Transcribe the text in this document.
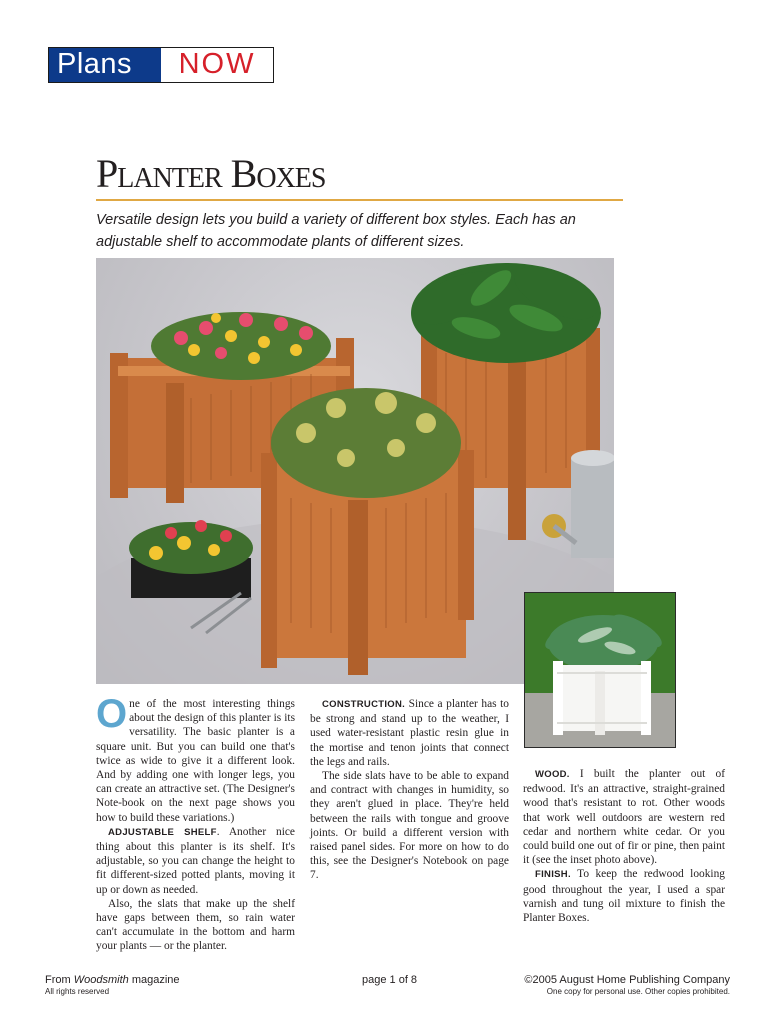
Plans	NOW
Planter Boxes

Versatile design lets you build a variety of different box styles. Each has an adjustable shelf to accommodate plants of different sizes.

One of the most interesting things about the design of this planter is its versatility. The basic planter is a square unit. But you can build one that's twice as wide to give it a different look. And by adding one with longer legs, you can create an attractive set. (The Designer's Note-book on the next page shows you how to build these variations.)

ADJUSTABLE SHELF. Another nice thing about this planter is its shelf. It's adjustable, so you can change the height to fit different-sized potted plants, moving it up or down as needed.

Also, the slats that make up the shelf have gaps between them, so rain water can't accumulate in the bottom and harm your plants — or the planter.

WOOD. I built the planter out of redwood. It's an attractive, straight-grained wood that's resistant to rot. Other woods that work well outdoors are western red cedar and northern white cedar. Or you could build one out of fir or pine, then paint it (see the inset photo above).

FINISH. To keep the redwood looking good throughout the year, I used a spar varnish and tung oil mixture to finish the Planter Boxes.

CONSTRUCTION. Since a planter has to be strong and stand up to the weather, I used water-resistant plastic resin glue in the mortise and tenon joints that connect the legs and rails.

The side slats have to be able to expand and contract with changes in humidity, so they aren't glued in place. They're held between the rails with tongue and groove joints. Or build a different version with raised panel sides. For more on how to do this, see the Designer's Notebook on page 7.

From Woodsmith magazine
All rights reserved
page 1 of 8	©2005 August Home Publishing Company
One copy for personal use. Other copies prohibited.
